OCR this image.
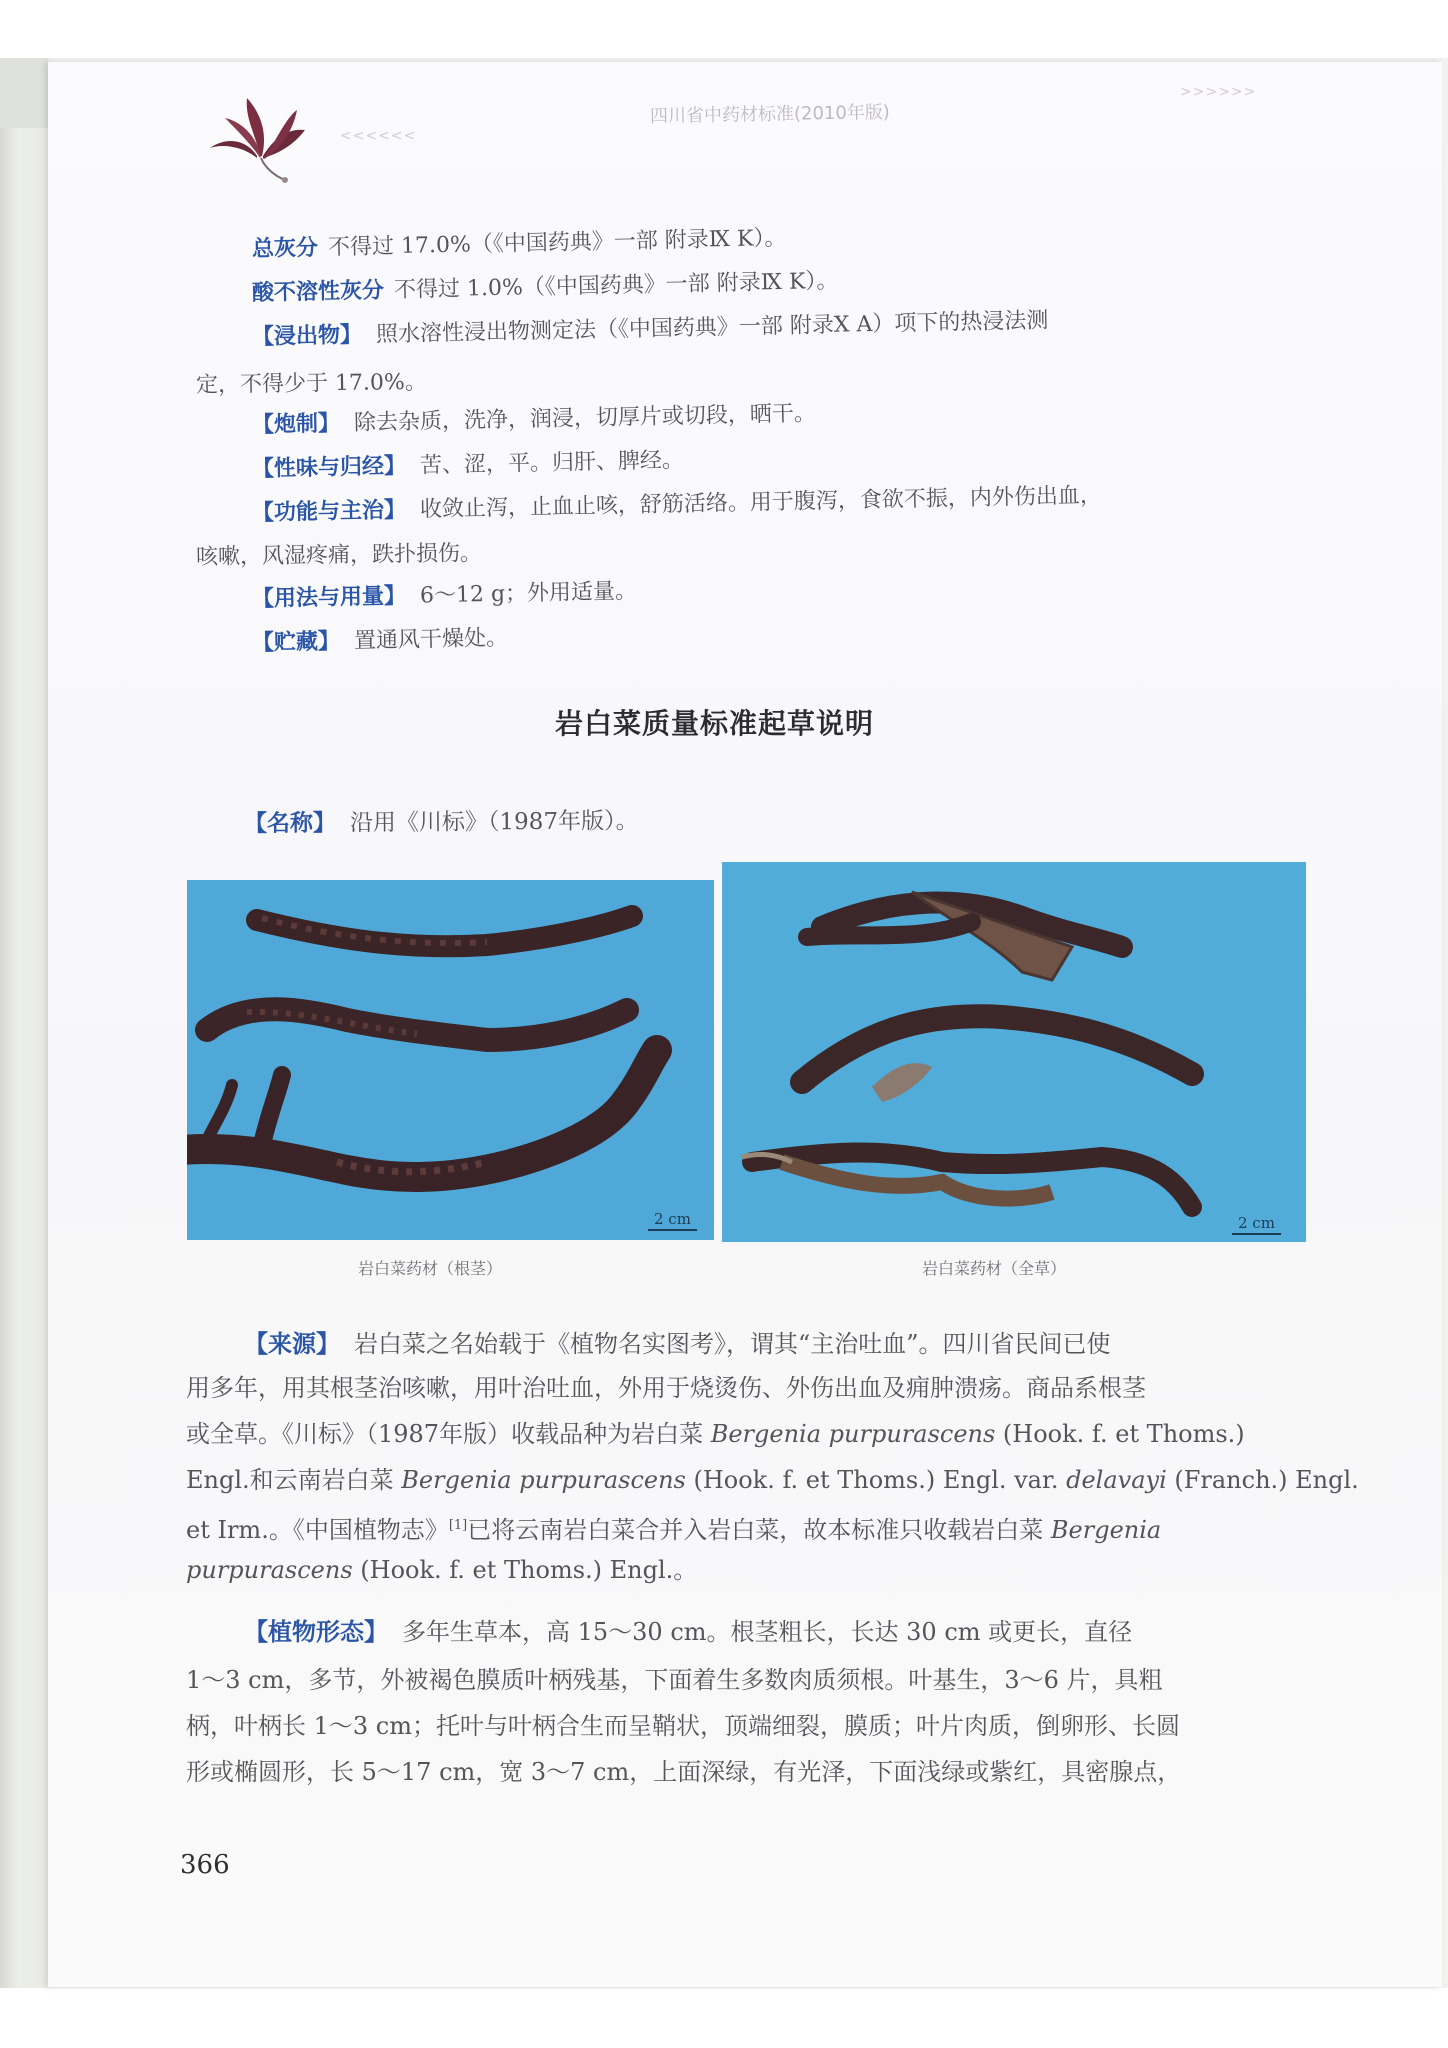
<<<<<<
>>>>>>
四川省中药材标准(2010年版)
总灰分 不得过 17.0%（《中国药典》一部 附录Ⅸ K）。
酸不溶性灰分 不得过 1.0%（《中国药典》一部 附录Ⅸ K）。
【浸出物】 照水溶性浸出物测定法（《中国药典》一部 附录Ⅹ A）项下的热浸法测
定，不得少于 17.0%。
【炮制】 除去杂质，洗净，润浸，切厚片或切段，晒干。
【性味与归经】 苦、涩，平。归肝、脾经。
【功能与主治】 收敛止泻，止血止咳，舒筋活络。用于腹泻，食欲不振，内外伤出血，
咳嗽，风湿疼痛，跌扑损伤。
【用法与用量】 6～12 g；外用适量。
【贮藏】 置通风干燥处。
岩白菜质量标准起草说明
【名称】 沿用《川标》（1987年版）。
2 cm
岩白菜药材（根茎）
2 cm
岩白菜药材（全草）
【来源】 岩白菜之名始载于《植物名实图考》，谓其“主治吐血”。四川省民间已使
用多年，用其根茎治咳嗽，用叶治吐血，外用于烧烫伤、外伤出血及痈肿溃疡。商品系根茎
或全草。《川标》（1987年版）收载品种为岩白菜 Bergenia purpurascens (Hook. f. et Thoms.)
Engl.和云南岩白菜 Bergenia purpurascens (Hook. f. et Thoms.) Engl. var. delavayi (Franch.) Engl.
et Irm.。《中国植物志》[1]已将云南岩白菜合并入岩白菜，故本标准只收载岩白菜 Bergenia
purpurascens (Hook. f. et Thoms.) Engl.。
【植物形态】 多年生草本，高 15～30 cm。根茎粗长，长达 30 cm 或更长，直径
1～3 cm，多节，外被褐色膜质叶柄残基，下面着生多数肉质须根。叶基生，3～6 片，具粗
柄，叶柄长 1～3 cm；托叶与叶柄合生而呈鞘状，顶端细裂，膜质；叶片肉质，倒卵形、长圆
形或椭圆形，长 5～17 cm，宽 3～7 cm，上面深绿，有光泽，下面浅绿或紫红，具密腺点，
366
